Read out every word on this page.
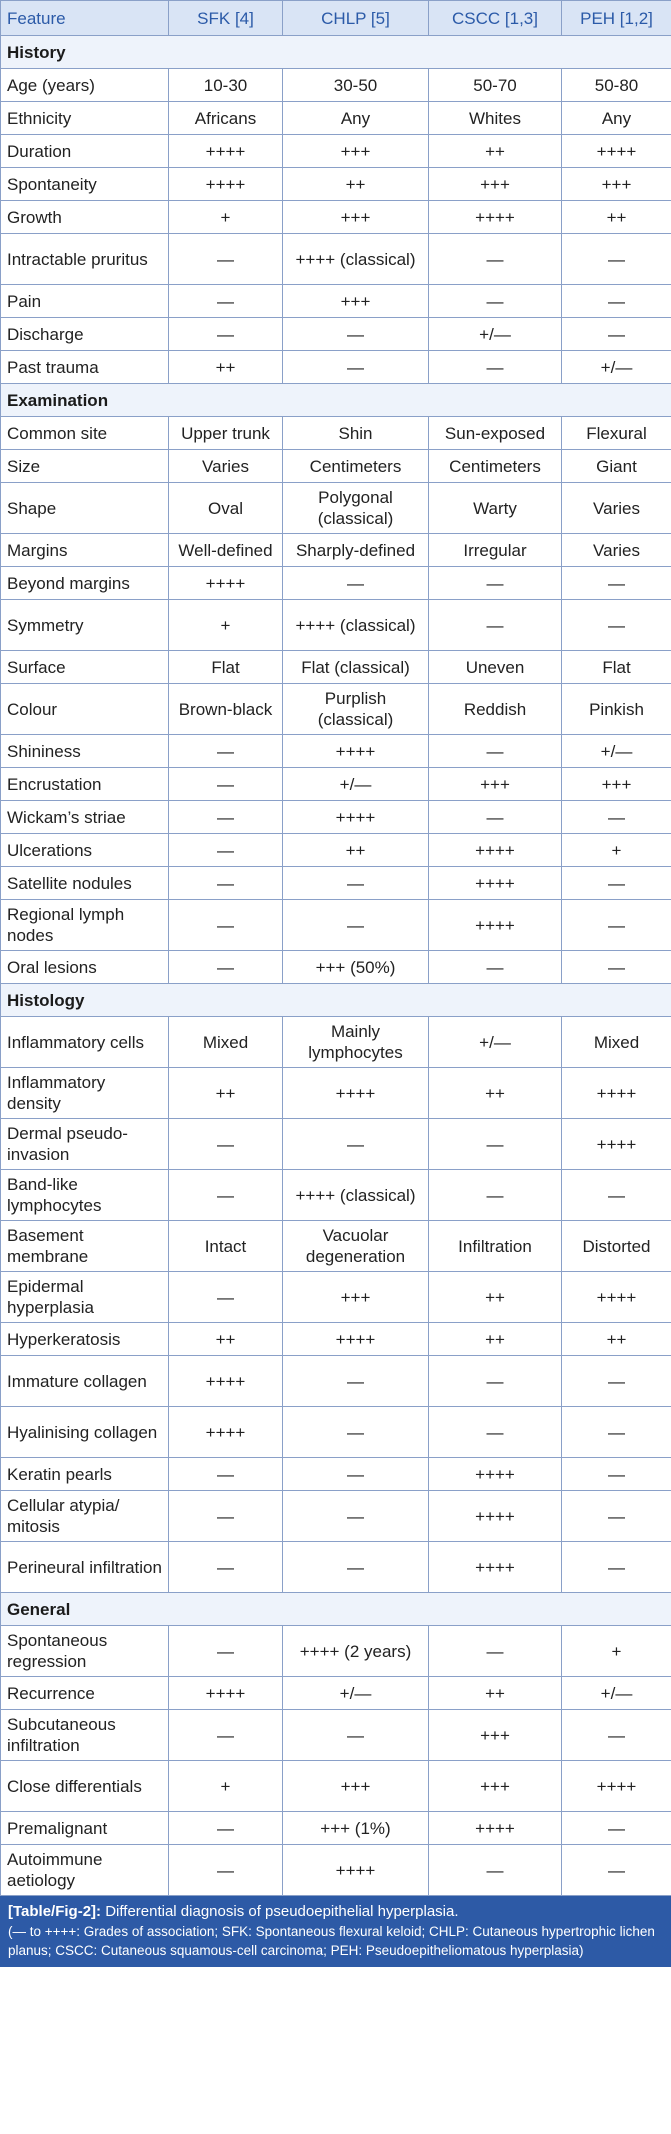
Feature	SFK [4]	CHLP [5]	CSCC [1,3]	PEH [1,2]
History				
Age (years)	10-30	30-50	50-70	50-80
Ethnicity	Africans	Any	Whites	Any
Duration	++++	+++	++	++++
Spontaneity	++++	++	+++	+++
Growth	+	+++	++++	++
Intractable pruritus	—	++++ (classical)	—	—
Pain	—	+++	—	—
Discharge	—	—	+/—	—
Past trauma	++	—	—	+/—
Examination				
Common site	Upper trunk	Shin	Sun-exposed	Flexural
Size	Varies	Centimeters	Centimeters	Giant
Shape	Oval	Polygonal (classical)	Warty	Varies
Margins	Well-defined	Sharply-defined	Irregular	Varies
Beyond margins	++++	—	—	—
Symmetry	+	++++ (classical)	—	—
Surface	Flat	Flat (classical)	Uneven	Flat
Colour	Brown-black	Purplish (classical)	Reddish	Pinkish
Shininess	—	++++	—	+/—
Encrustation	—	+/—	+++	+++
Wickam’s striae	—	++++	—	—
Ulcerations	—	++	++++	+
Satellite nodules	—	—	++++	—
Regional lymph nodes	—	—	++++	—
Oral lesions	—	+++ (50%)	—	—
Histology				
Inflammatory cells	Mixed	Mainly lymphocytes	+/—	Mixed
Inflammatory density	++	++++	++	++++
Dermal pseudo-invasion	—	—	—	++++
Band-like lymphocytes	—	++++ (classical)	—	—
Basement membrane	Intact	Vacuolar degeneration	Infiltration	Distorted
Epidermal hyperplasia	—	+++	++	++++
Hyperkeratosis	++	++++	++	++
Immature collagen	++++	—	—	—
Hyalinising collagen	++++	—	—	—
Keratin pearls	—	—	++++	—
Cellular atypia/ mitosis	—	—	++++	—
Perineural infiltration	—	—	++++	—
General				
Spontaneous regression	—	++++ (2 years)	—	+
Recurrence	++++	+/—	++	+/—
Subcutaneous infiltration	—	—	+++	—
Close differentials	+	+++	+++	++++
Premalignant	—	+++ (1%)	++++	—
Autoimmune aetiology	—	++++	—	—
[Table/Fig-2]: Differential diagnosis of pseudoepithelial hyperplasia.
(— to ++++: Grades of association; SFK: Spontaneous flexural keloid; CHLP: Cutaneous hypertrophic lichen planus; CSCC: Cutaneous squamous-cell carcinoma; PEH: Pseudoepitheliomatous hyperplasia)
